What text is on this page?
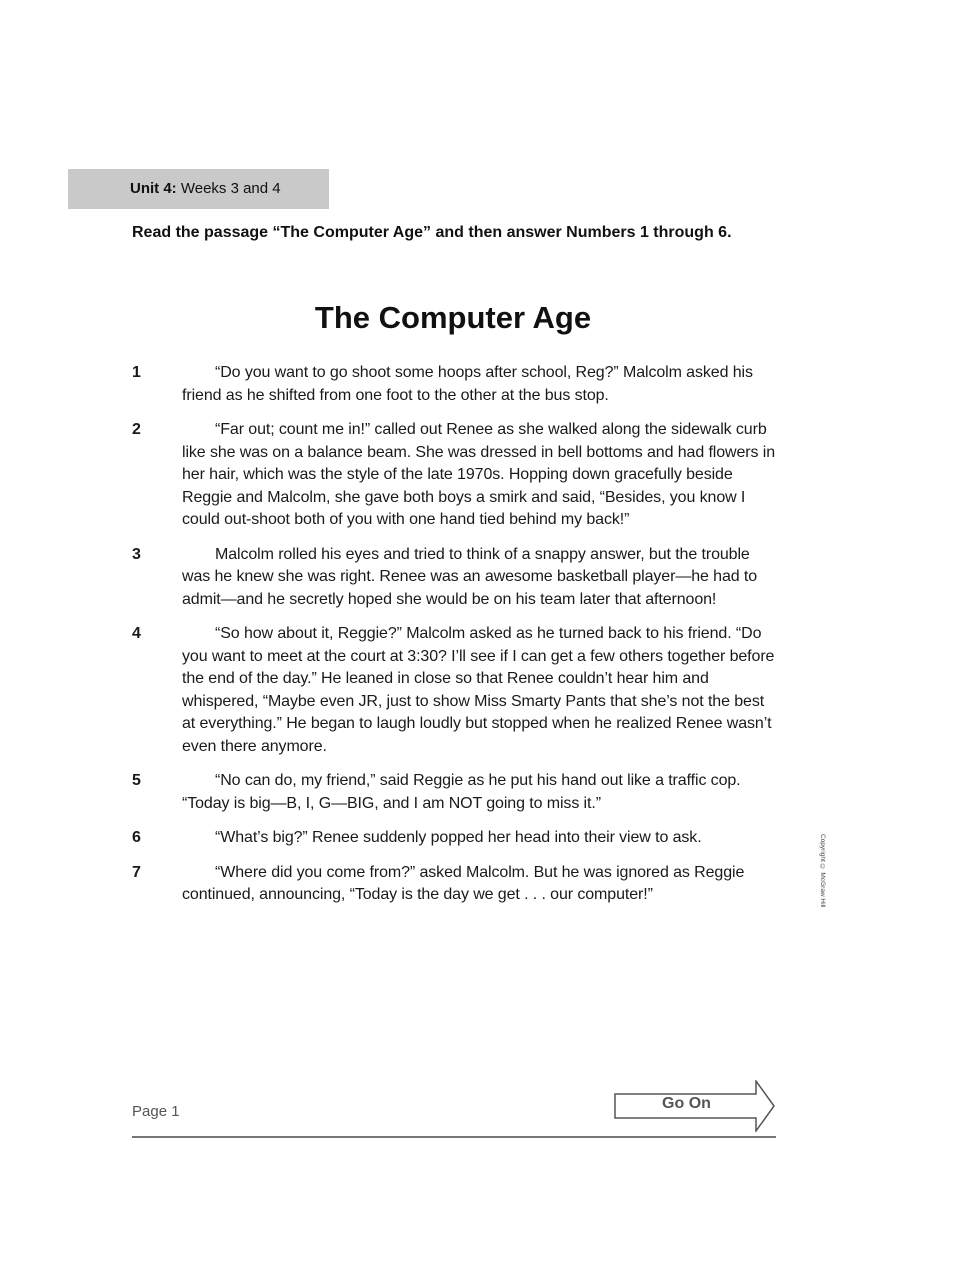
Unit 4: Weeks 3 and 4
Read the passage “The Computer Age” and then answer Numbers 1 through 6.
The Computer Age
1	“Do you want to go shoot some hoops after school, Reg?” Malcolm asked his friend as he shifted from one foot to the other at the bus stop.

2	“Far out; count me in!” called out Renee as she walked along the sidewalk curb like she was on a balance beam. She was dressed in bell bottoms and had flowers in her hair, which was the style of the late 1970s. Hopping down gracefully beside Reggie and Malcolm, she gave both boys a smirk and said, “Besides, you know I could out-shoot both of you with one hand tied behind my back!”

3	Malcolm rolled his eyes and tried to think of a snappy answer, but the trouble was he knew she was right. Renee was an awesome basketball player—he had to admit—and he secretly hoped she would be on his team later that afternoon!

4	“So how about it, Reggie?” Malcolm asked as he turned back to his friend. “Do you want to meet at the court at 3:30? I’ll see if I can get a few others together before the end of the day.” He leaned in close so that Renee couldn’t hear him and whispered, “Maybe even JR, just to show Miss Smarty Pants that she’s not the best at everything.” He began to laugh loudly but stopped when he realized Renee wasn’t even there anymore.

5	“No can do, my friend,” said Reggie as he put his hand out like a traffic cop. “Today is big—B, I, G—BIG, and I am NOT going to miss it.”

6	“What’s big?” Renee suddenly popped her head into their view to ask.

7	“Where did you come from?” asked Malcolm. But he was ignored as Reggie continued, announcing, “Today is the day we get . . . our computer!”	Copyright © McGraw Hill
Page 1	Go On
